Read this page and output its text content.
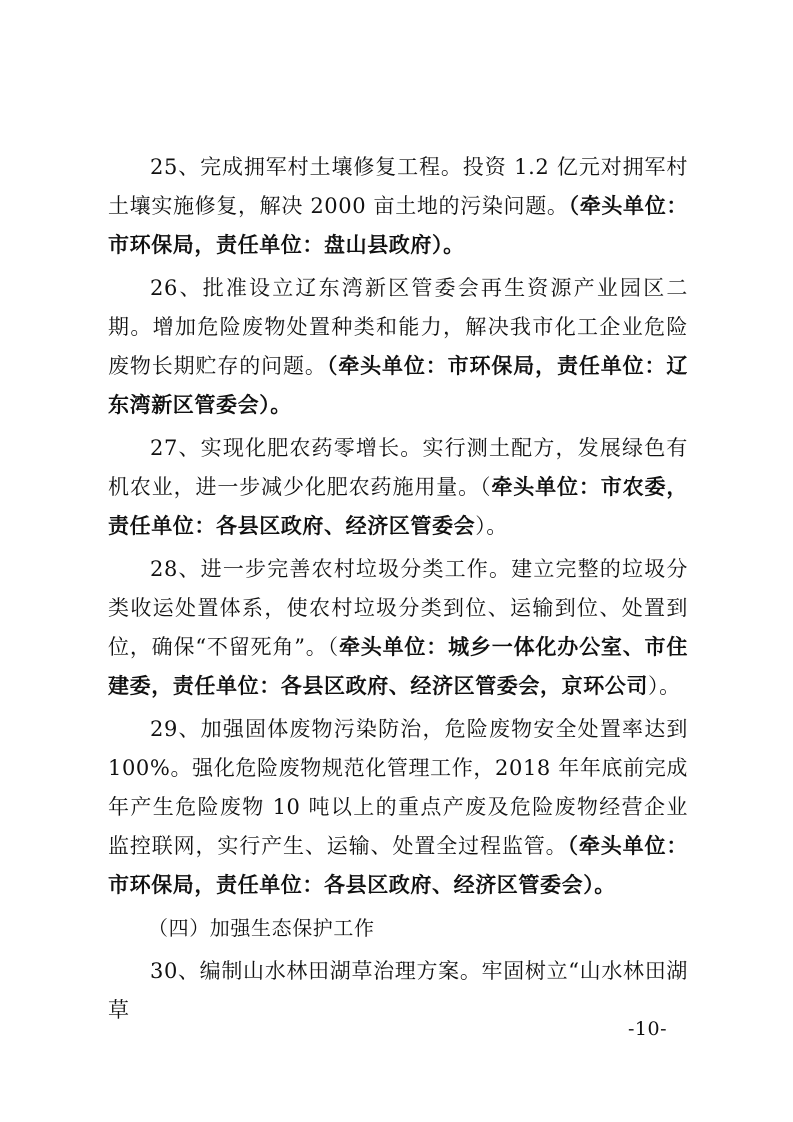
25、完成拥军村土壤修复工程。投资 1.2 亿元对拥军村土壤实施修复，解决 2000 亩土地的污染问题。（牵头单位：市环保局，责任单位：盘山县政府）。

26、批准设立辽东湾新区管委会再生资源产业园区二期。增加危险废物处置种类和能力，解决我市化工企业危险废物长期贮存的问题。（牵头单位：市环保局，责任单位：辽东湾新区管委会）。

27、实现化肥农药零增长。实行测土配方，发展绿色有机农业，进一步减少化肥农药施用量。（牵头单位：市农委，责任单位：各县区政府、经济区管委会）。

28、进一步完善农村垃圾分类工作。建立完整的垃圾分类收运处置体系，使农村垃圾分类到位、运输到位、处置到位，确保“不留死角”。（牵头单位：城乡一体化办公室、市住建委，责任单位：各县区政府、经济区管委会，京环公司）。

29、加强固体废物污染防治，危险废物安全处置率达到100%。强化危险废物规范化管理工作，2018 年年底前完成年产生危险废物 10 吨以上的重点产废及危险废物经营企业监控联网，实行产生、运输、处置全过程监管。（牵头单位：市环保局，责任单位：各县区政府、经济区管委会）。

（四）加强生态保护工作

30、编制山水林田湖草治理方案。牢固树立“山水林田湖草

-10-
